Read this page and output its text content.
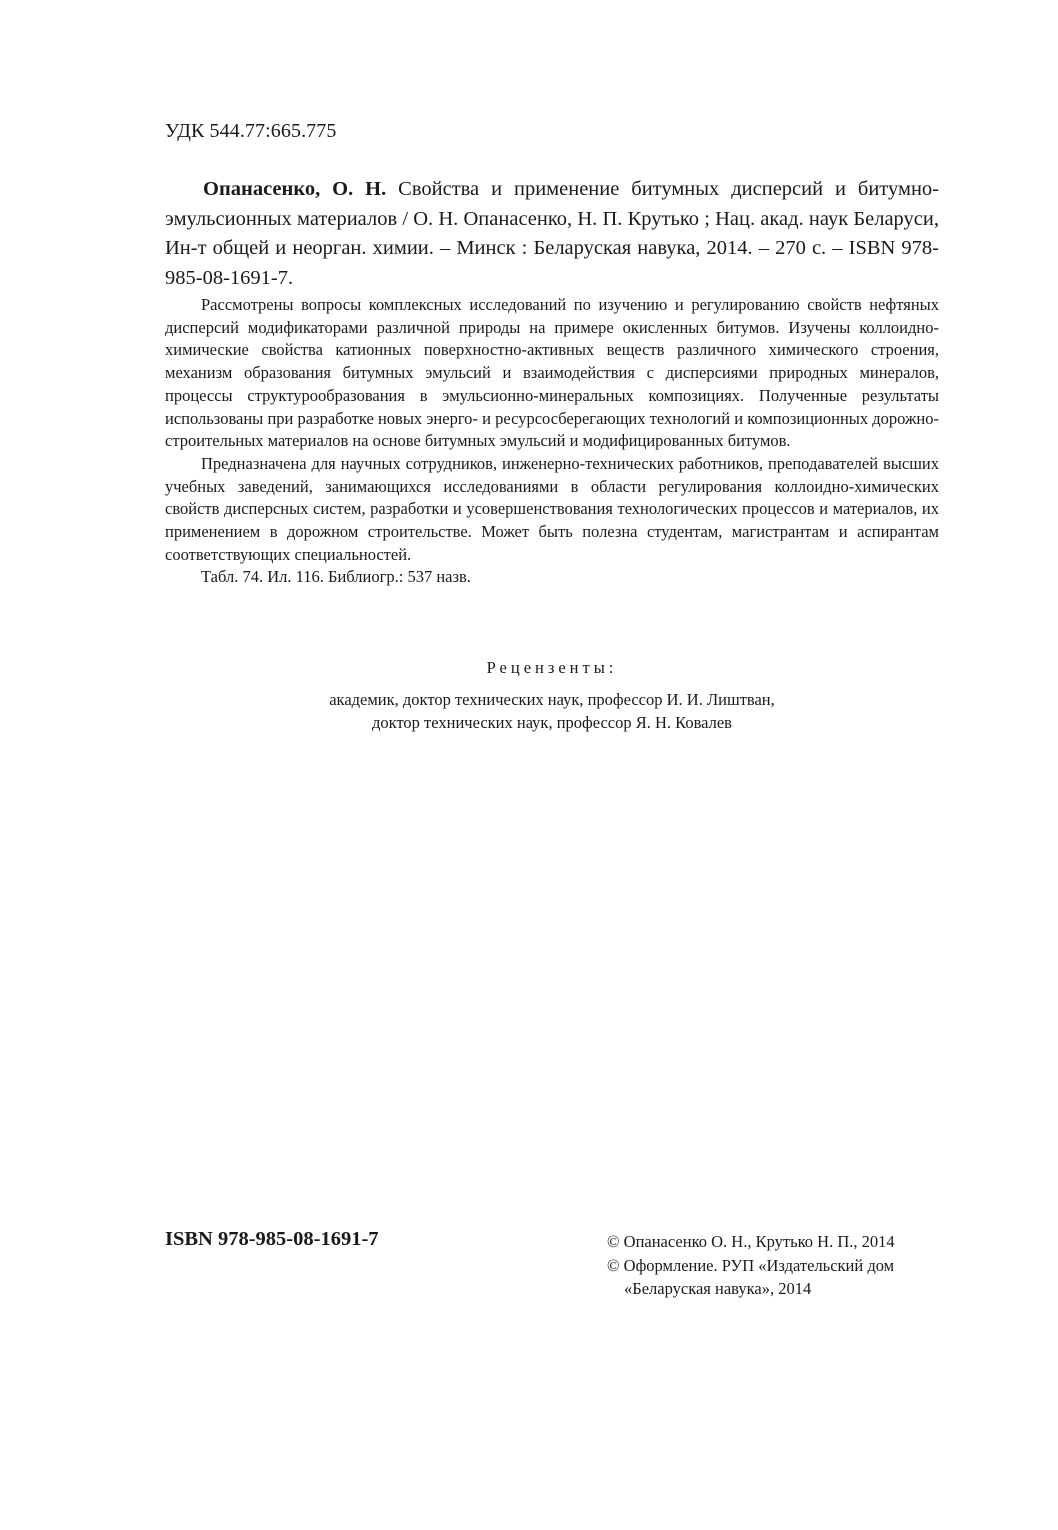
УДК 544.77:665.775

Опанасенко, О. Н. Свойства и применение битумных дисперсий и битумно-эмульсионных материалов / О. Н. Опанасенко, Н. П. Крутько ; Нац. акад. наук Беларуси, Ин-т общей и неорган. химии. – Минск : Беларуская навука, 2014. – 270 с. – ISBN 978-985-08-1691-7.

Рассмотрены вопросы комплексных исследований по изучению и регулированию свойств нефтяных дисперсий модификаторами различной природы на примере окисленных битумов. Изучены коллоидно-химические свойства катионных поверхностно-активных веществ различного химического строения, механизм образования битумных эмульсий и взаимодействия с дисперсиями природных минералов, процессы структурообразования в эмульсионно-минеральных композициях. Полученные результаты использованы при разработке новых энерго- и ресурсосберегающих технологий и композиционных дорожно-строительных материалов на основе битумных эмульсий и модифицированных битумов.

Предназначена для научных сотрудников, инженерно-технических работников, преподавателей высших учебных заведений, занимающихся исследованиями в области регулирования коллоидно-химических свойств дисперсных систем, разработки и усовершенствования технологических процессов и материалов, их применением в дорожном строительстве. Может быть полезна студентам, магистрантам и аспирантам соответствующих специальностей.

Табл. 74. Ил. 116. Библиогр.: 537 назв.

Рецензенты:
академик, доктор технических наук, профессор И. И. Лиштван,
доктор технических наук, профессор Я. Н. Ковалев
ISBN 978-985-08-1691-7	© Опанасенко О. Н., Крутько Н. П., 2014
© Оформление. РУП «Издательский дом
«Беларуская навука», 2014
